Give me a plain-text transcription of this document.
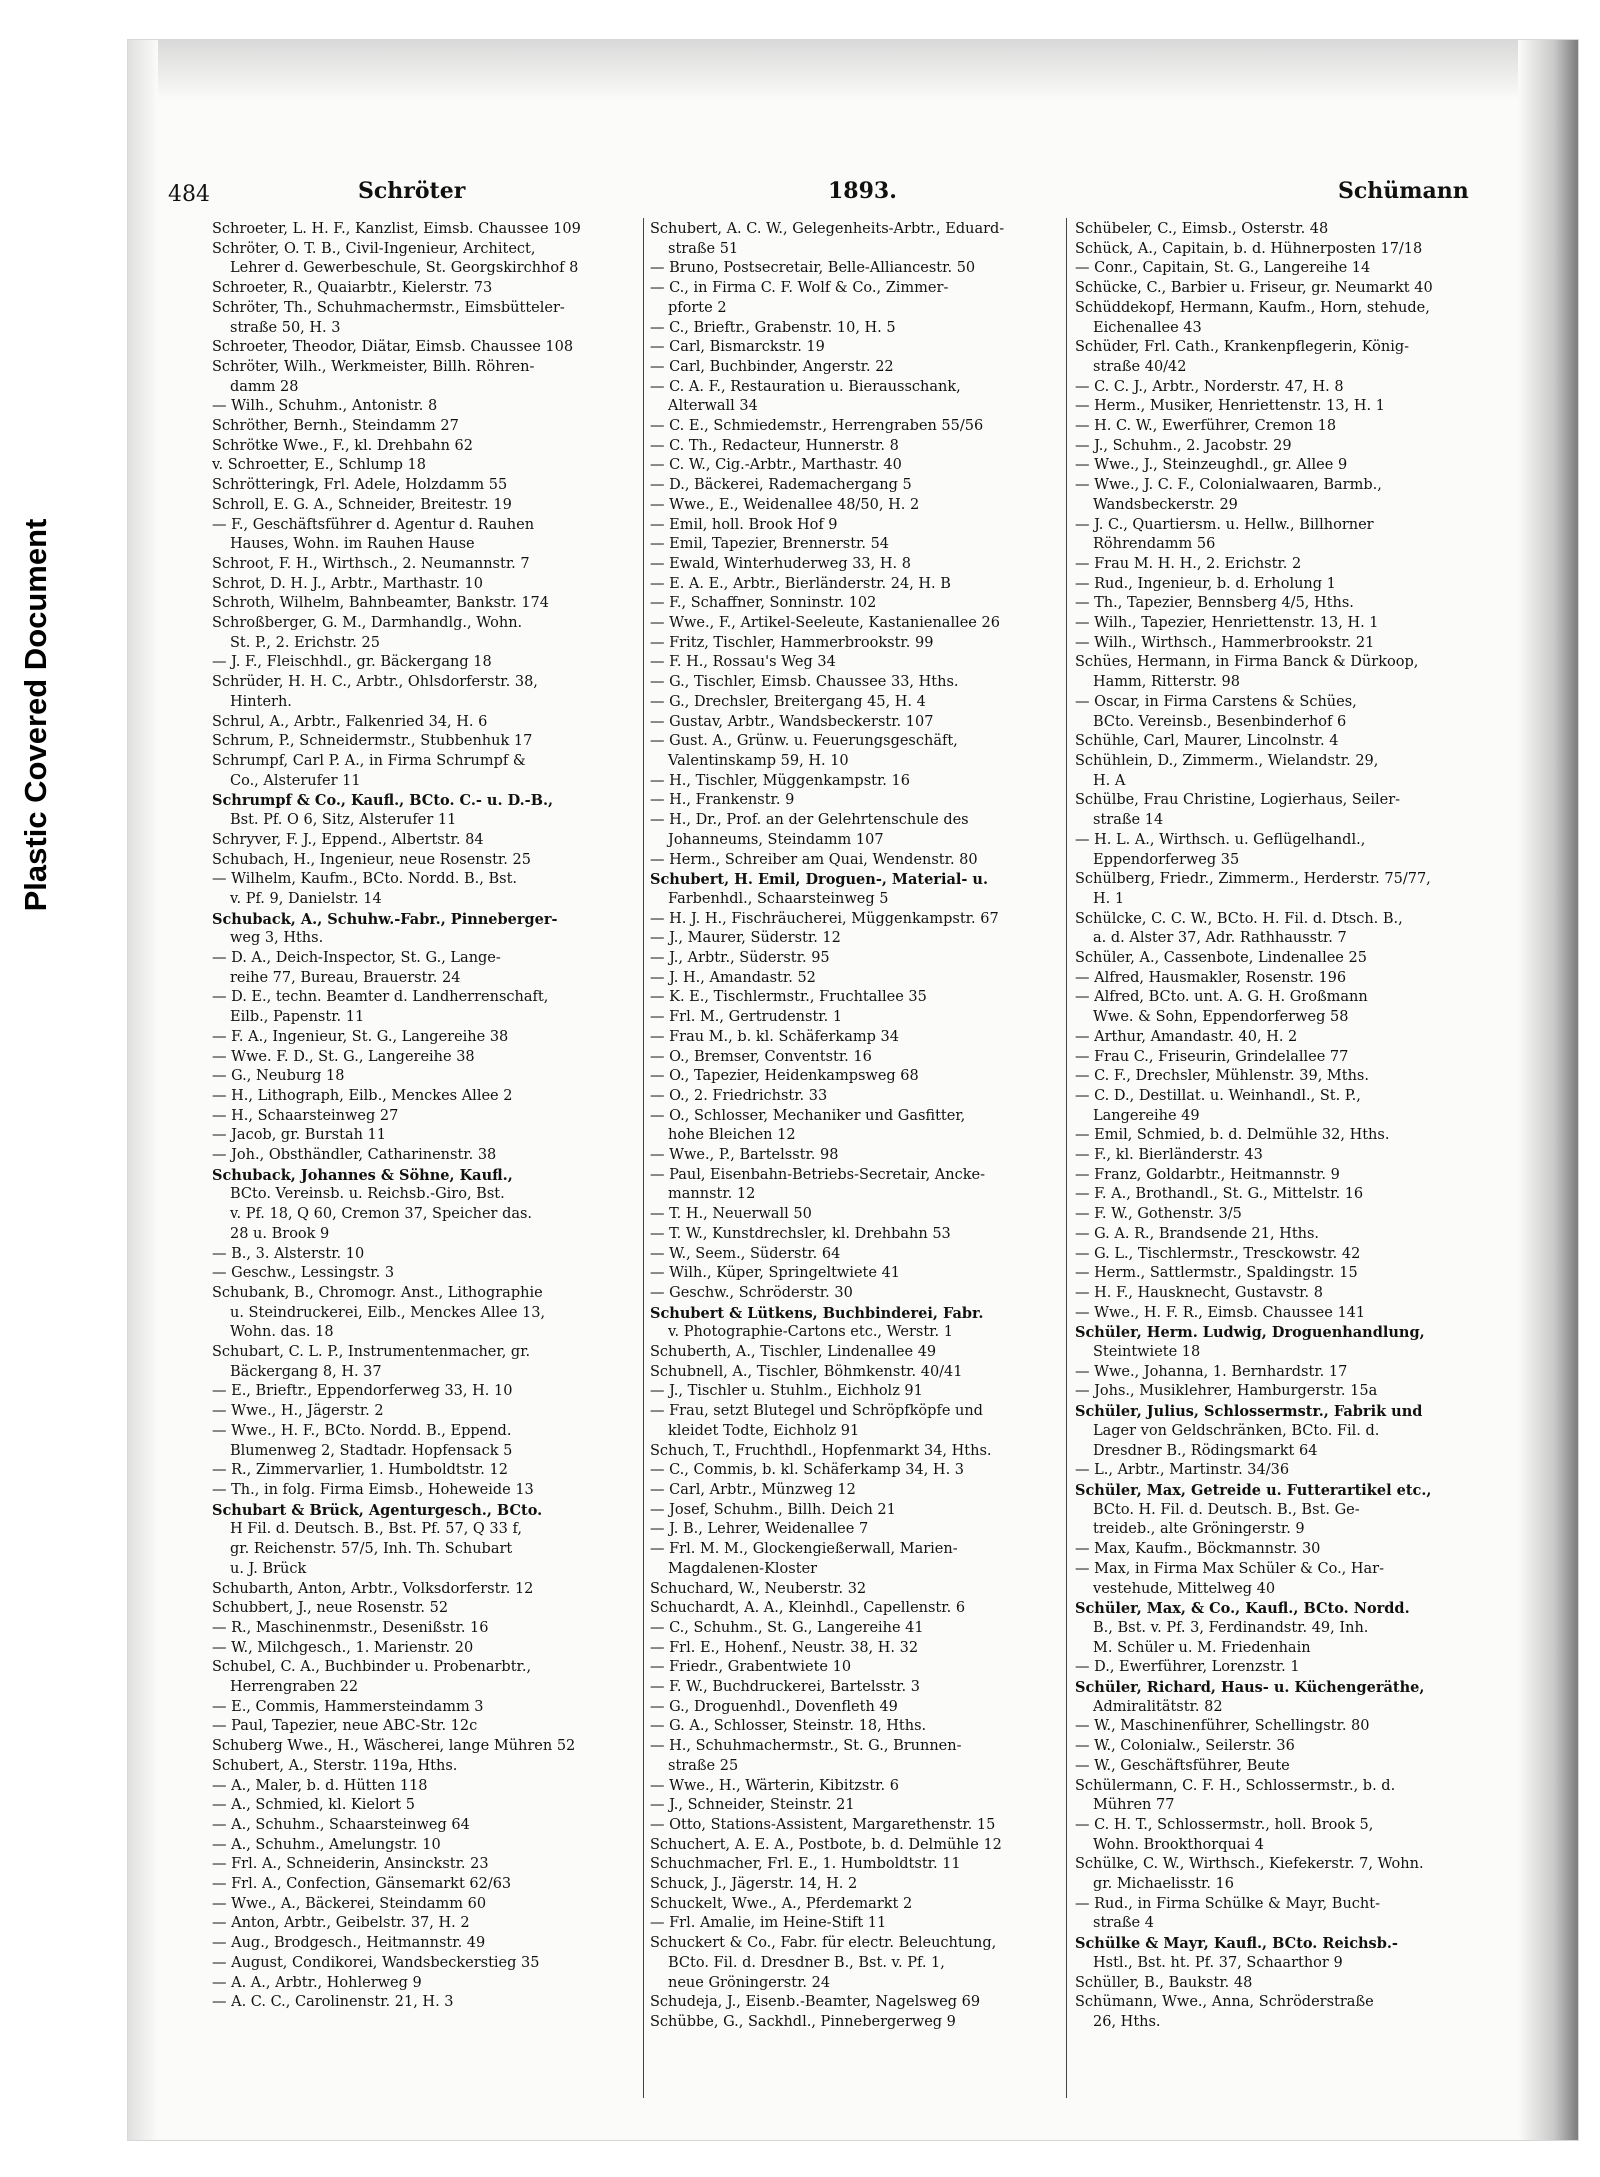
Plastic Covered Document
484	Schröter	1893.	Schümann
Schroeter, L. H. F., Kanzlist, Eimsb. Chaussee 109
Schröter, O. T. B., Civil-Ingenieur, Architect,
Lehrer d. Gewerbeschule, St. Georgskirchhof 8
Schroeter, R., Quaiarbtr., Kielerstr. 73
Schröter, Th., Schuhmachermstr., Eimsbütteler-
straße 50, H. 3
Schroeter, Theodor, Diätar, Eimsb. Chaussee 108
Schröter, Wilh., Werkmeister, Billh. Röhren-
damm 28
— Wilh., Schuhm., Antonistr. 8
Schröther, Bernh., Steindamm 27
Schrötke Wwe., F., kl. Drehbahn 62
v. Schroetter, E., Schlump 18
Schrötteringk, Frl. Adele, Holzdamm 55
Schroll, E. G. A., Schneider, Breitestr. 19
— F., Geschäftsführer d. Agentur d. Rauhen
Hauses, Wohn. im Rauhen Hause
Schroot, F. H., Wirthsch., 2. Neumannstr. 7
Schrot, D. H. J., Arbtr., Marthastr. 10
Schroth, Wilhelm, Bahnbeamter, Bankstr. 174
Schroßberger, G. M., Darmhandlg., Wohn.
St. P., 2. Erichstr. 25
— J. F., Fleischhdl., gr. Bäckergang 18
Schrüder, H. H. C., Arbtr., Ohlsdorferstr. 38,
Hinterh.
Schrul, A., Arbtr., Falkenried 34, H. 6
Schrum, P., Schneidermstr., Stubbenhuk 17
Schrumpf, Carl P. A., in Firma Schrumpf &
Co., Alsterufer 11
Schrumpf & Co., Kaufl., BCto. C.- u. D.-B.,
Bst. Pf. O 6, Sitz, Alsterufer 11
Schryver, F. J., Eppend., Albertstr. 84
Schubach, H., Ingenieur, neue Rosenstr. 25
— Wilhelm, Kaufm., BCto. Nordd. B., Bst.
v. Pf. 9, Danielstr. 14
Schuback, A., Schuhw.-Fabr., Pinneberger-
weg 3, Hths.
— D. A., Deich-Inspector, St. G., Lange-
reihe 77, Bureau, Brauerstr. 24
— D. E., techn. Beamter d. Landherrenschaft,
Eilb., Papenstr. 11
— F. A., Ingenieur, St. G., Langereihe 38
— Wwe. F. D., St. G., Langereihe 38
— G., Neuburg 18
— H., Lithograph, Eilb., Menckes Allee 2
— H., Schaarsteinweg 27
— Jacob, gr. Burstah 11
— Joh., Obsthändler, Catharinenstr. 38
Schuback, Johannes & Söhne, Kaufl.,
BCto. Vereinsb. u. Reichsb.-Giro, Bst.
v. Pf. 18, Q 60, Cremon 37, Speicher das.
28 u. Brook 9
— B., 3. Alsterstr. 10
— Geschw., Lessingstr. 3
Schubank, B., Chromogr. Anst., Lithographie
u. Steindruckerei, Eilb., Menckes Allee 13,
Wohn. das. 18
Schubart, C. L. P., Instrumentenmacher, gr.
Bäckergang 8, H. 37
— E., Brieftr., Eppendorferweg 33, H. 10
— Wwe., H., Jägerstr. 2
— Wwe., H. F., BCto. Nordd. B., Eppend.
Blumenweg 2, Stadtadr. Hopfensack 5
— R., Zimmervarlier, 1. Humboldtstr. 12
— Th., in folg. Firma Eimsb., Hoheweide 13
Schubart & Brück, Agenturgesch., BCto.
H Fil. d. Deutsch. B., Bst. Pf. 57, Q 33 f,
gr. Reichenstr. 57/5, Inh. Th. Schubart
u. J. Brück
Schubarth, Anton, Arbtr., Volksdorferstr. 12
Schubbert, J., neue Rosenstr. 52
— R., Maschinenmstr., Desenißstr. 16
— W., Milchgesch., 1. Marienstr. 20
Schubel, C. A., Buchbinder u. Probenarbtr.,
Herrengraben 22
— E., Commis, Hammersteindamm 3
— Paul, Tapezier, neue ABC-Str. 12c
Schuberg Wwe., H., Wäscherei, lange Mühren 52
Schubert, A., Sterstr. 119a, Hths.
— A., Maler, b. d. Hütten 118
— A., Schmied, kl. Kielort 5
— A., Schuhm., Schaarsteinweg 64
— A., Schuhm., Amelungstr. 10
— Frl. A., Schneiderin, Ansinckstr. 23
— Frl. A., Confection, Gänsemarkt 62/63
— Wwe., A., Bäckerei, Steindamm 60
— Anton, Arbtr., Geibelstr. 37, H. 2
— Aug., Brodgesch., Heitmannstr. 49
— August, Condikorei, Wandsbeckerstieg 35
— A. A., Arbtr., Hohlerweg 9
— A. C. C., Carolinenstr. 21, H. 3
Schubert, A. C. W., Gelegenheits-Arbtr., Eduard-
straße 51
— Bruno, Postsecretair, Belle-Alliancestr. 50
— C., in Firma C. F. Wolf & Co., Zimmer-
pforte 2
— C., Brieftr., Grabenstr. 10, H. 5
— Carl, Bismarckstr. 19
— Carl, Buchbinder, Angerstr. 22
— C. A. F., Restauration u. Bierausschank,
Alterwall 34
— C. E., Schmiedemstr., Herrengraben 55/56
— C. Th., Redacteur, Hunnerstr. 8
— C. W., Cig.-Arbtr., Marthastr. 40
— D., Bäckerei, Rademachergang 5
— Wwe., E., Weidenallee 48/50, H. 2
— Emil, holl. Brook Hof 9
— Emil, Tapezier, Brennerstr. 54
— Ewald, Winterhuderweg 33, H. 8
— E. A. E., Arbtr., Bierländerstr. 24, H. B
— F., Schaffner, Sonninstr. 102
— Wwe., F., Artikel-Seeleute, Kastanienallee 26
— Fritz, Tischler, Hammerbrookstr. 99
— F. H., Rossau's Weg 34
— G., Tischler, Eimsb. Chaussee 33, Hths.
— G., Drechsler, Breitergang 45, H. 4
— Gustav, Arbtr., Wandsbeckerstr. 107
— Gust. A., Grünw. u. Feuerungsgeschäft,
Valentinskamp 59, H. 10
— H., Tischler, Müggenkampstr. 16
— H., Frankenstr. 9
— H., Dr., Prof. an der Gelehrtenschule des
Johanneums, Steindamm 107
— Herm., Schreiber am Quai, Wendenstr. 80
Schubert, H. Emil, Droguen-, Material- u.
Farbenhdl., Schaarsteinweg 5
— H. J. H., Fischräucherei, Müggenkampstr. 67
— J., Maurer, Süderstr. 12
— J., Arbtr., Süderstr. 95
— J. H., Amandastr. 52
— K. E., Tischlermstr., Fruchtallee 35
— Frl. M., Gertrudenstr. 1
— Frau M., b. kl. Schäferkamp 34
— O., Bremser, Conventstr. 16
— O., Tapezier, Heidenkampsweg 68
— O., 2. Friedrichstr. 33
— O., Schlosser, Mechaniker und Gasfitter,
hohe Bleichen 12
— Wwe., P., Bartelsstr. 98
— Paul, Eisenbahn-Betriebs-Secretair, Ancke-
mannstr. 12
— T. H., Neuerwall 50
— T. W., Kunstdrechsler, kl. Drehbahn 53
— W., Seem., Süderstr. 64
— Wilh., Küper, Springeltwiete 41
— Geschw., Schröderstr. 30
Schubert & Lütkens, Buchbinderei, Fabr.
v. Photographie-Cartons etc., Werstr. 1
Schuberth, A., Tischler, Lindenallee 49
Schubnell, A., Tischler, Böhmkenstr. 40/41
— J., Tischler u. Stuhlm., Eichholz 91
— Frau, setzt Blutegel und Schröpfköpfe und
kleidet Todte, Eichholz 91
Schuch, T., Fruchthdl., Hopfenmarkt 34, Hths.
— C., Commis, b. kl. Schäferkamp 34, H. 3
— Carl, Arbtr., Münzweg 12
— Josef, Schuhm., Billh. Deich 21
— J. B., Lehrer, Weidenallee 7
— Frl. M. M., Glockengießerwall, Marien-
Magdalenen-Kloster
Schuchard, W., Neuberstr. 32
Schuchardt, A. A., Kleinhdl., Capellenstr. 6
— C., Schuhm., St. G., Langereihe 41
— Frl. E., Hohenf., Neustr. 38, H. 32
— Friedr., Grabentwiete 10
— F. W., Buchdruckerei, Bartelsstr. 3
— G., Droguenhdl., Dovenfleth 49
— G. A., Schlosser, Steinstr. 18, Hths.
— H., Schuhmachermstr., St. G., Brunnen-
straße 25
— Wwe., H., Wärterin, Kibitzstr. 6
— J., Schneider, Steinstr. 21
— Otto, Stations-Assistent, Margarethenstr. 15
Schuchert, A. E. A., Postbote, b. d. Delmühle 12
Schuchmacher, Frl. E., 1. Humboldtstr. 11
Schuck, J., Jägerstr. 14, H. 2
Schuckelt, Wwe., A., Pferdemarkt 2
— Frl. Amalie, im Heine-Stift 11
Schuckert & Co., Fabr. für electr. Beleuchtung,
BCto. Fil. d. Dresdner B., Bst. v. Pf. 1,
neue Gröningerstr. 24
Schudeja, J., Eisenb.-Beamter, Nagelsweg 69
Schübbe, G., Sackhdl., Pinnebergerweg 9
Schübeler, C., Eimsb., Osterstr. 48
Schück, A., Capitain, b. d. Hühnerposten 17/18
— Conr., Capitain, St. G., Langereihe 14
Schücke, C., Barbier u. Friseur, gr. Neumarkt 40
Schüddekopf, Hermann, Kaufm., Horn, stehude,
Eichenallee 43
Schüder, Frl. Cath., Krankenpflegerin, König-
straße 40/42
— C. C. J., Arbtr., Norderstr. 47, H. 8
— Herm., Musiker, Henriettenstr. 13, H. 1
— H. C. W., Ewerführer, Cremon 18
— J., Schuhm., 2. Jacobstr. 29
— Wwe., J., Steinzeughdl., gr. Allee 9
— Wwe., J. C. F., Colonialwaaren, Barmb.,
Wandsbeckerstr. 29
— J. C., Quartiersm. u. Hellw., Billhorner
Röhrendamm 56
— Frau M. H. H., 2. Erichstr. 2
— Rud., Ingenieur, b. d. Erholung 1
— Th., Tapezier, Bennsberg 4/5, Hths.
— Wilh., Tapezier, Henriettenstr. 13, H. 1
— Wilh., Wirthsch., Hammerbrookstr. 21
Schües, Hermann, in Firma Banck & Dürkoop,
Hamm, Ritterstr. 98
— Oscar, in Firma Carstens & Schües,
BCto. Vereinsb., Besenbinderhof 6
Schühle, Carl, Maurer, Lincolnstr. 4
Schühlein, D., Zimmerm., Wielandstr. 29,
H. A
Schülbe, Frau Christine, Logierhaus, Seiler-
straße 14
— H. L. A., Wirthsch. u. Geflügelhandl.,
Eppendorferweg 35
Schülberg, Friedr., Zimmerm., Herderstr. 75/77,
H. 1
Schülcke, C. C. W., BCto. H. Fil. d. Dtsch. B.,
a. d. Alster 37, Adr. Rathhausstr. 7
Schüler, A., Cassenbote, Lindenallee 25
— Alfred, Hausmakler, Rosenstr. 196
— Alfred, BCto. unt. A. G. H. Großmann
Wwe. & Sohn, Eppendorferweg 58
— Arthur, Amandastr. 40, H. 2
— Frau C., Friseurin, Grindelallee 77
— C. F., Drechsler, Mühlenstr. 39, Mths.
— C. D., Destillat. u. Weinhandl., St. P.,
Langereihe 49
— Emil, Schmied, b. d. Delmühle 32, Hths.
— F., kl. Bierländerstr. 43
— Franz, Goldarbtr., Heitmannstr. 9
— F. A., Brothandl., St. G., Mittelstr. 16
— F. W., Gothenstr. 3/5
— G. A. R., Brandsende 21, Hths.
— G. L., Tischlermstr., Tresckowstr. 42
— Herm., Sattlermstr., Spaldingstr. 15
— H. F., Hausknecht, Gustavstr. 8
— Wwe., H. F. R., Eimsb. Chaussee 141
Schüler, Herm. Ludwig, Droguenhandlung,
Steintwiete 18
— Wwe., Johanna, 1. Bernhardstr. 17
— Johs., Musiklehrer, Hamburgerstr. 15a
Schüler, Julius, Schlossermstr., Fabrik und
Lager von Geldschränken, BCto. Fil. d.
Dresdner B., Rödingsmarkt 64
— L., Arbtr., Martinstr. 34/36
Schüler, Max, Getreide u. Futterartikel etc.,
BCto. H. Fil. d. Deutsch. B., Bst. Ge-
treideb., alte Gröningerstr. 9
— Max, Kaufm., Böckmannstr. 30
— Max, in Firma Max Schüler & Co., Har-
vestehude, Mittelweg 40
Schüler, Max, & Co., Kaufl., BCto. Nordd.
B., Bst. v. Pf. 3, Ferdinandstr. 49, Inh.
M. Schüler u. M. Friedenhain
— D., Ewerführer, Lorenzstr. 1
Schüler, Richard, Haus- u. Küchengeräthe,
Admiralitätstr. 82
— W., Maschinenführer, Schellingstr. 80
— W., Colonialw., Seilerstr. 36
— W., Geschäftsführer, Beute
Schülermann, C. F. H., Schlossermstr., b. d.
Mühren 77
— C. H. T., Schlossermstr., holl. Brook 5,
Wohn. Brookthorquai 4
Schülke, C. W., Wirthsch., Kiefekerstr. 7, Wohn.
gr. Michaelisstr. 16
— Rud., in Firma Schülke & Mayr, Bucht-
straße 4
Schülke & Mayr, Kaufl., BCto. Reichsb.-
Hstl., Bst. ht. Pf. 37, Schaarthor 9
Schüller, B., Baukstr. 48
Schümann, Wwe., Anna, Schröderstraße
26, Hths.
